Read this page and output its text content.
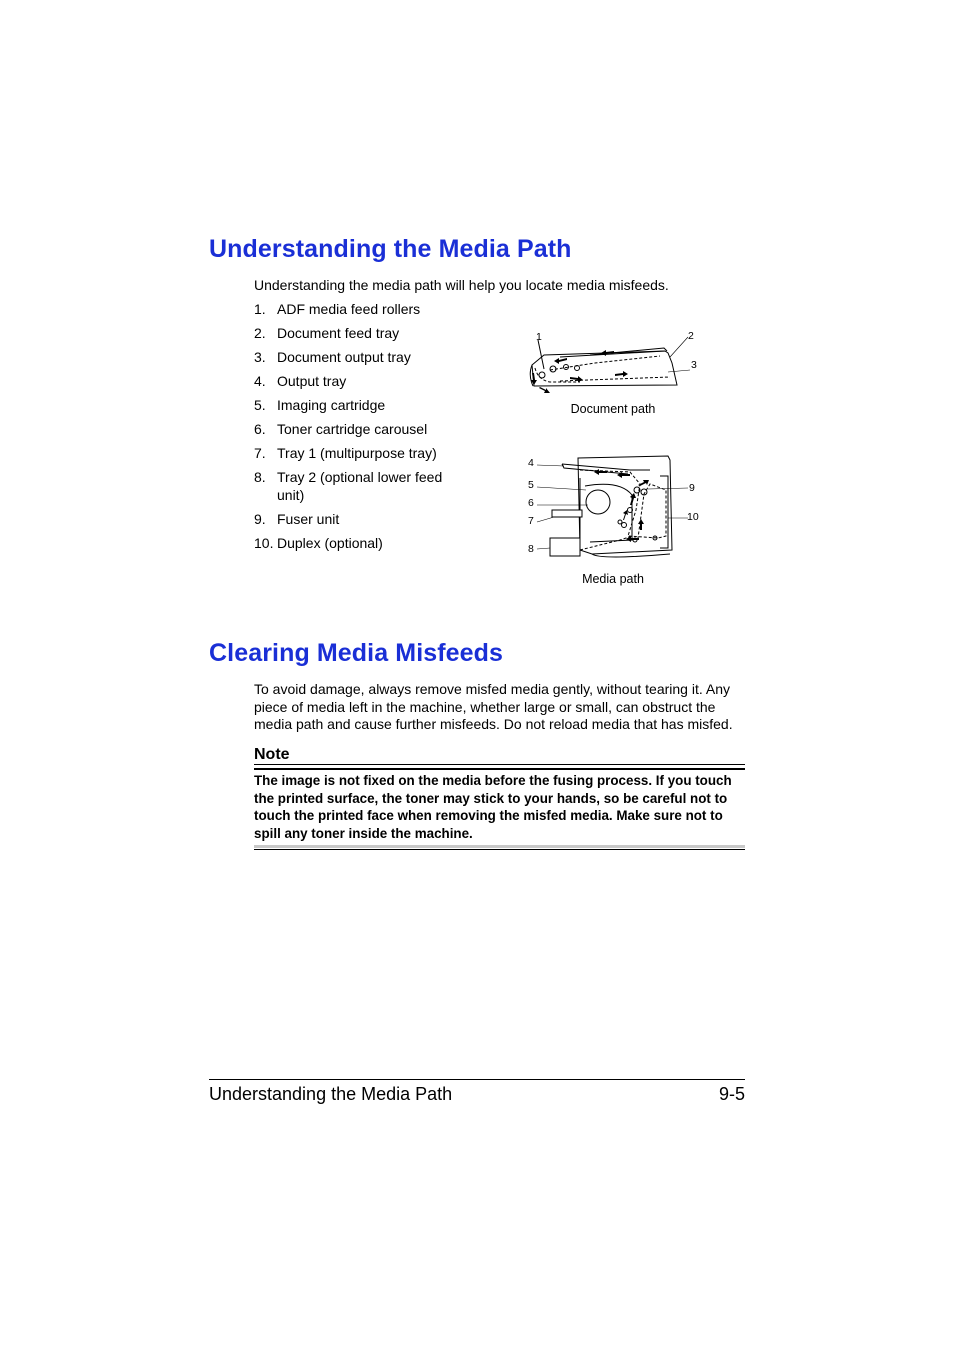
Understanding the Media Path
Understanding the media path will help you locate media misfeeds.
1. ADF media feed rollers
2. Document feed tray
3. Document output tray
4. Output tray
5. Imaging cartridge
6. Toner cartridge carousel
7. Tray 1 (multipurpose tray)
8. Tray 2 (optional lower feed unit)
9. Fuser unit
10. Duplex (optional)
1	2
3
Document path
4
5
6
7
8
9
10
Media path
Clearing Media Misfeeds
To avoid damage, always remove misfed media gently, without tearing it. Any piece of media left in the machine, whether large or small, can obstruct the media path and cause further misfeeds. Do not reload media that has misfed.
Note
The image is not fixed on the media before the fusing process. If you touch the printed surface, the toner may stick to your hands, so be careful not to touch the printed face when removing the misfed media. Make sure not to spill any toner inside the machine.
Understanding the Media Path	9-5
